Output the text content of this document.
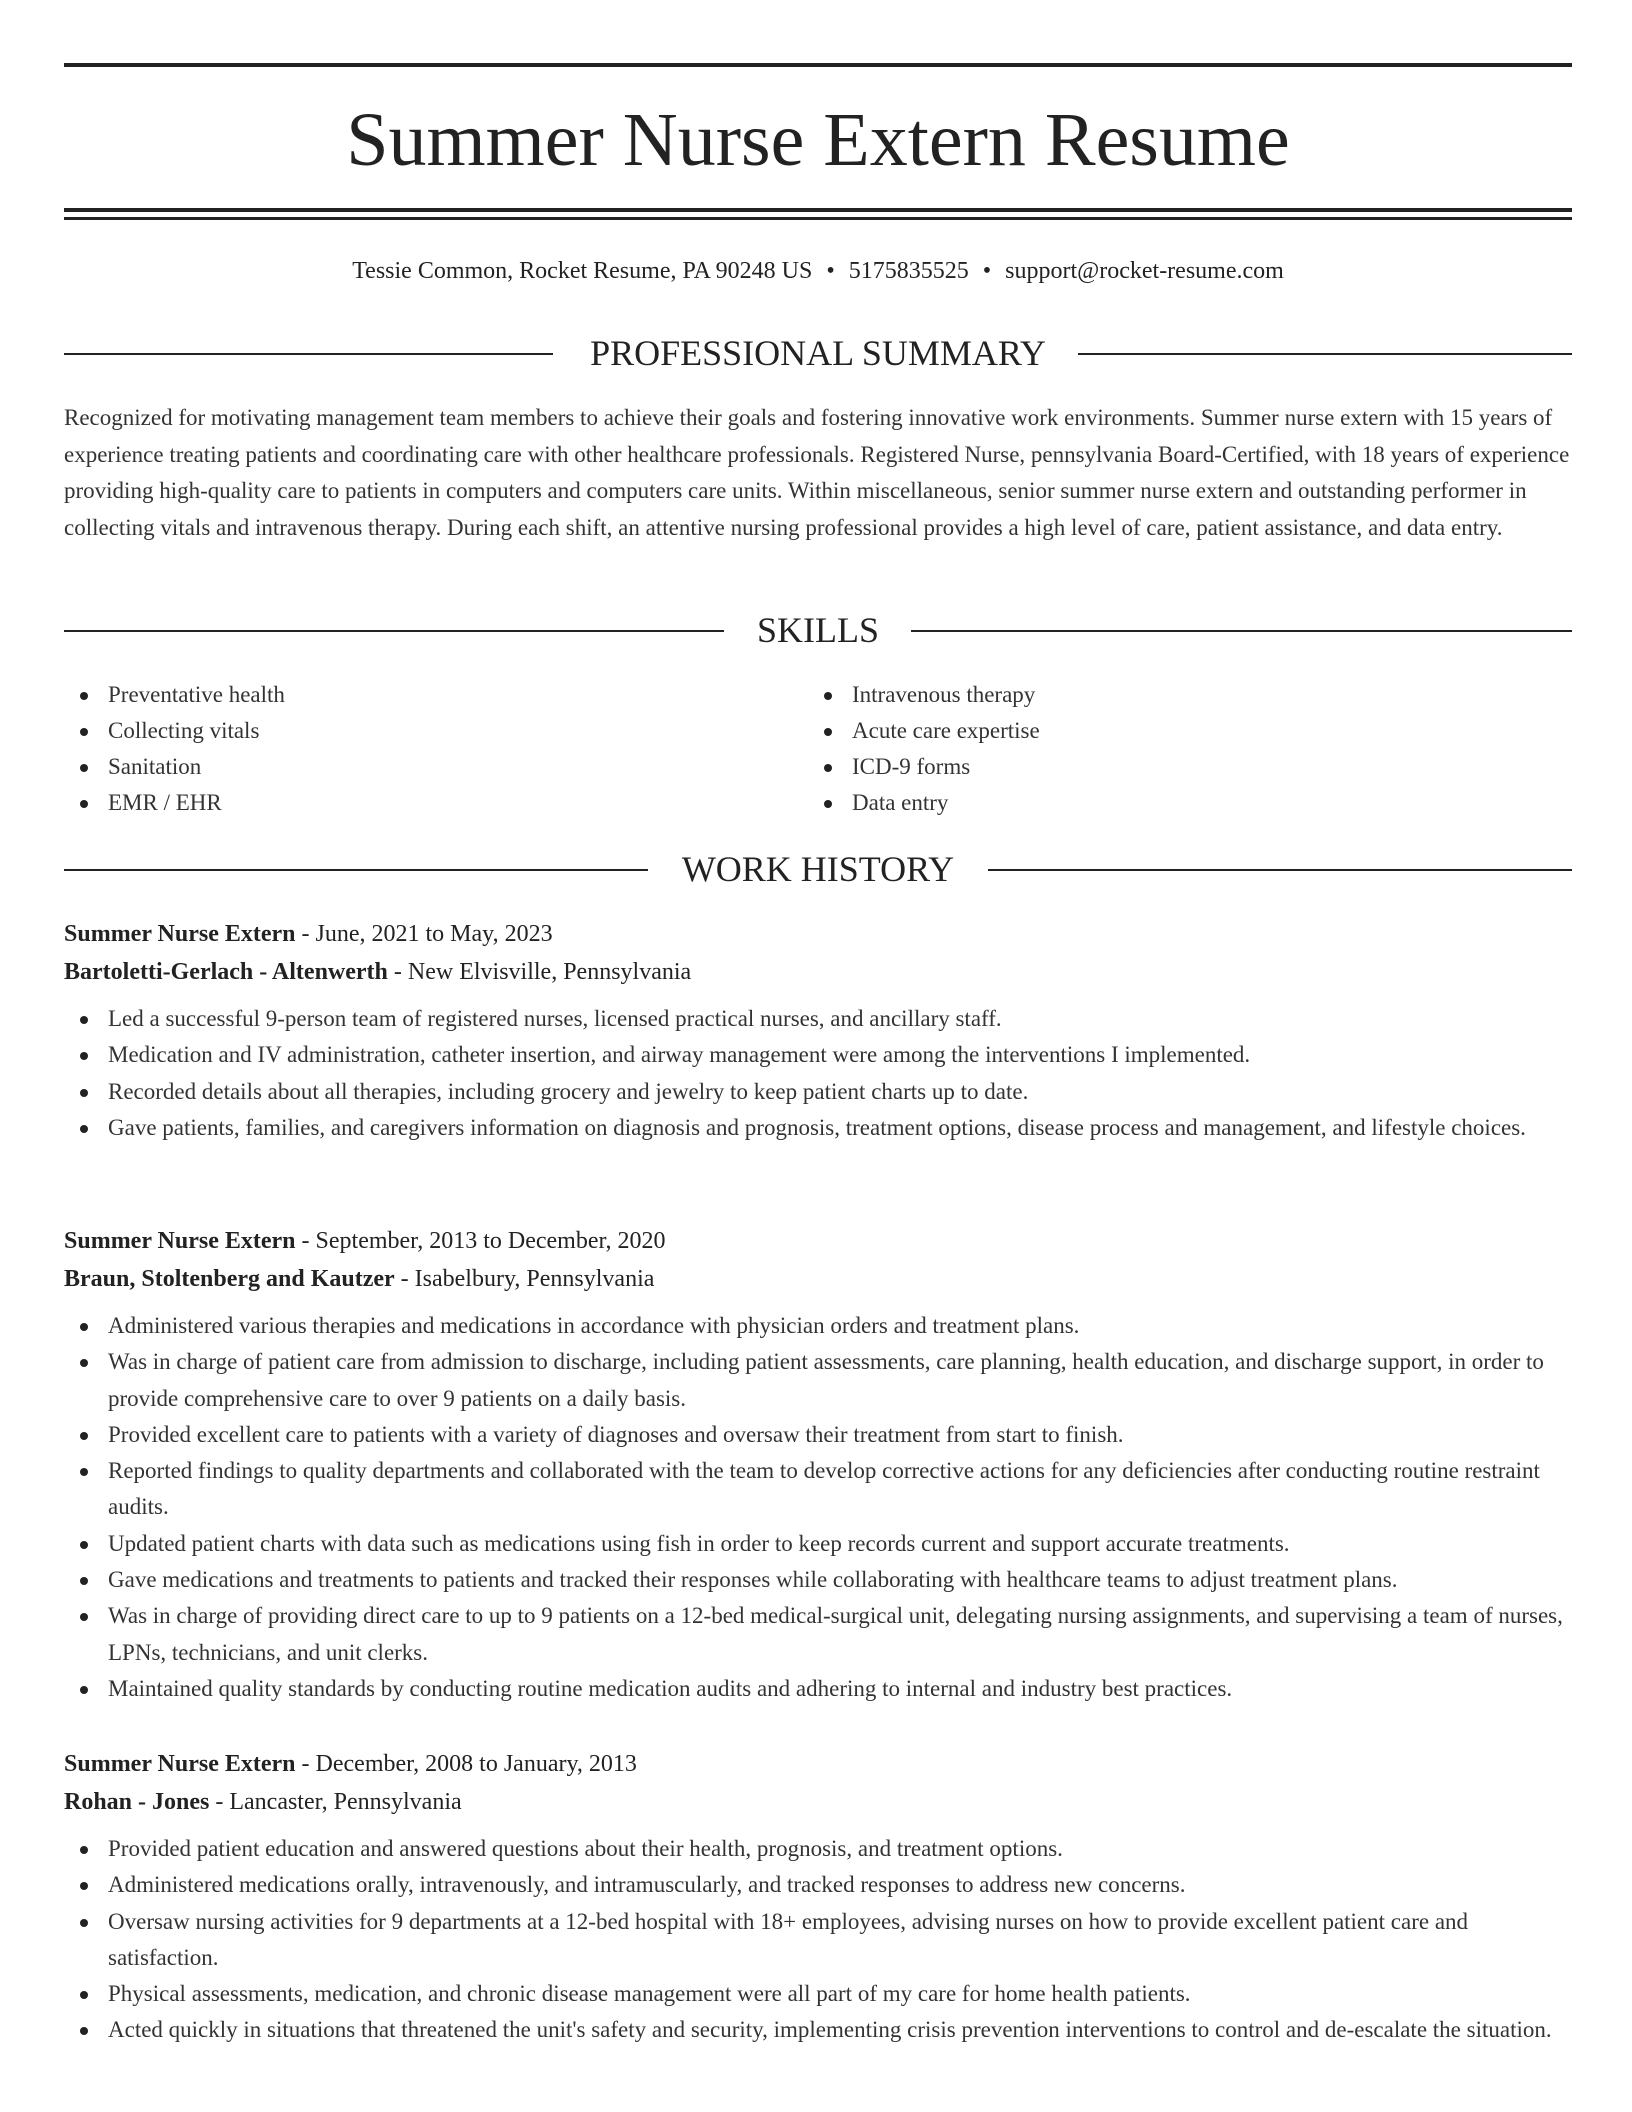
Summer Nurse Extern Resume
Tessie Common, Rocket Resume, PA 90248 US • 5175835525 • support@rocket-resume.com
PROFESSIONAL SUMMARY
Recognized for motivating management team members to achieve their goals and fostering innovative work environments. Summer nurse extern with 15 years of experience treating patients and coordinating care with other healthcare professionals. Registered Nurse, pennsylvania Board-Certified, with 18 years of experience providing high-quality care to patients in computers and computers care units. Within miscellaneous, senior summer nurse extern and outstanding performer in collecting vitals and intravenous therapy. During each shift, an attentive nursing professional provides a high level of care, patient assistance, and data entry.
SKILLS
Preventative health
Collecting vitals
Sanitation
EMR / EHR
Intravenous therapy
Acute care expertise
ICD-9 forms
Data entry
WORK HISTORY
Summer Nurse Extern - June, 2021 to May, 2023
Bartoletti-Gerlach - Altenwerth - New Elvisville, Pennsylvania
Led a successful 9-person team of registered nurses, licensed practical nurses, and ancillary staff.
Medication and IV administration, catheter insertion, and airway management were among the interventions I implemented.
Recorded details about all therapies, including grocery and jewelry to keep patient charts up to date.
Gave patients, families, and caregivers information on diagnosis and prognosis, treatment options, disease process and management, and lifestyle choices.
Summer Nurse Extern - September, 2013 to December, 2020
Braun, Stoltenberg and Kautzer - Isabelbury, Pennsylvania
Administered various therapies and medications in accordance with physician orders and treatment plans.
Was in charge of patient care from admission to discharge, including patient assessments, care planning, health education, and discharge support, in order to provide comprehensive care to over 9 patients on a daily basis.
Provided excellent care to patients with a variety of diagnoses and oversaw their treatment from start to finish.
Reported findings to quality departments and collaborated with the team to develop corrective actions for any deficiencies after conducting routine restraint audits.
Updated patient charts with data such as medications using fish in order to keep records current and support accurate treatments.
Gave medications and treatments to patients and tracked their responses while collaborating with healthcare teams to adjust treatment plans.
Was in charge of providing direct care to up to 9 patients on a 12-bed medical-surgical unit, delegating nursing assignments, and supervising a team of nurses, LPNs, technicians, and unit clerks.
Maintained quality standards by conducting routine medication audits and adhering to internal and industry best practices.
Summer Nurse Extern - December, 2008 to January, 2013
Rohan - Jones - Lancaster, Pennsylvania
Provided patient education and answered questions about their health, prognosis, and treatment options.
Administered medications orally, intravenously, and intramuscularly, and tracked responses to address new concerns.
Oversaw nursing activities for 9 departments at a 12-bed hospital with 18+ employees, advising nurses on how to provide excellent patient care and satisfaction.
Physical assessments, medication, and chronic disease management were all part of my care for home health patients.
Acted quickly in situations that threatened the unit's safety and security, implementing crisis prevention interventions to control and de-escalate the situation.
